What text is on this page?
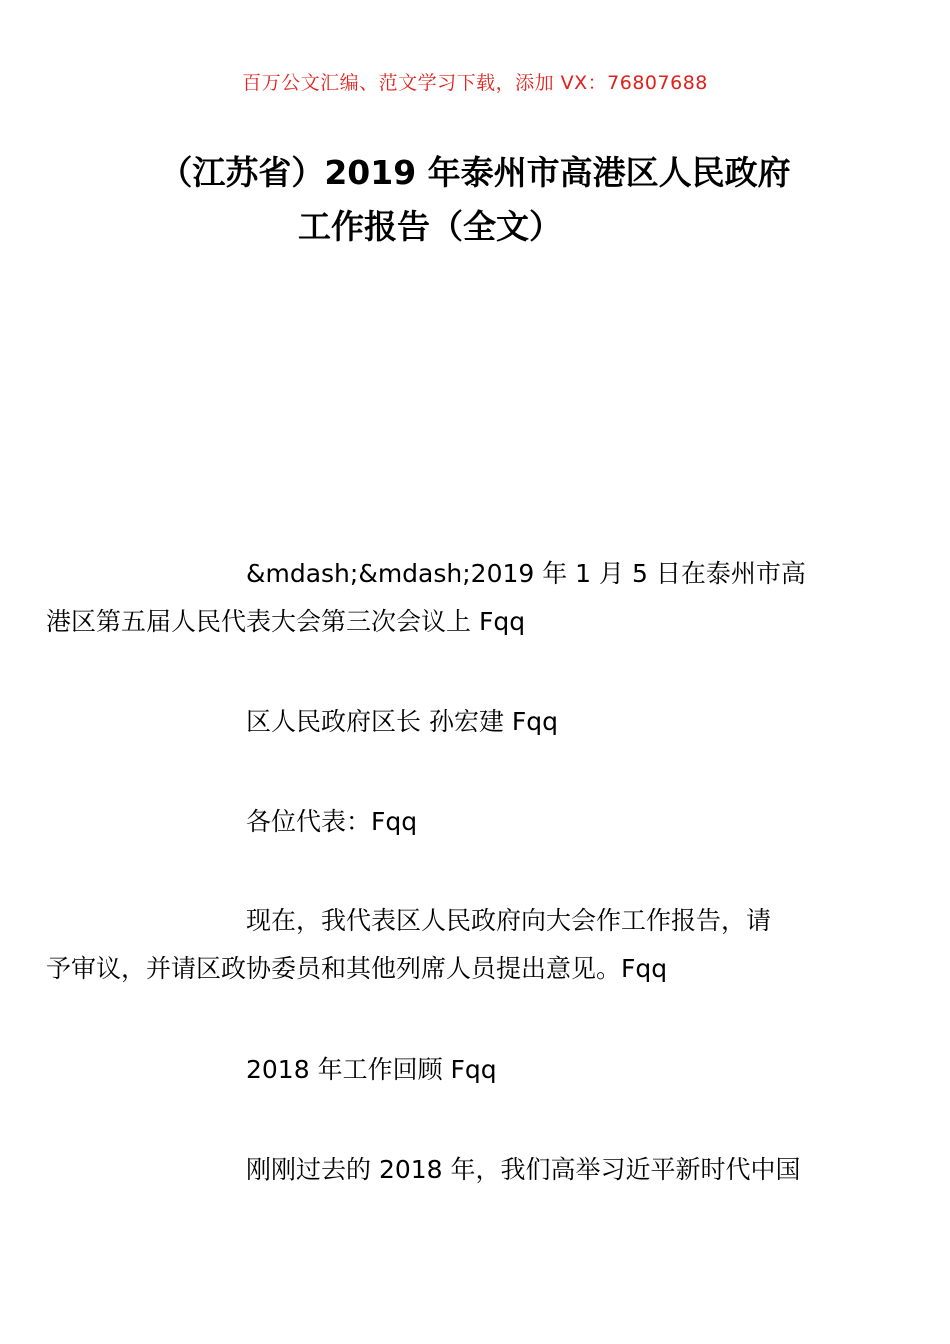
百万公文汇编、范文学习下载，添加 VX：76807688
（江苏省）2019 年泰州市高港区人民政府
工作报告（全文）
&mdash;&mdash;2019 年 1 月 5 日在泰州市高
港区第五届人民代表大会第三次会议上 Fqq
区人民政府区长 孙宏建 Fqq
各位代表：Fqq
现在，我代表区人民政府向大会作工作报告，请
予审议，并请区政协委员和其他列席人员提出意见。Fqq
2018 年工作回顾 Fqq
刚刚过去的 2018 年，我们高举习近平新时代中国
